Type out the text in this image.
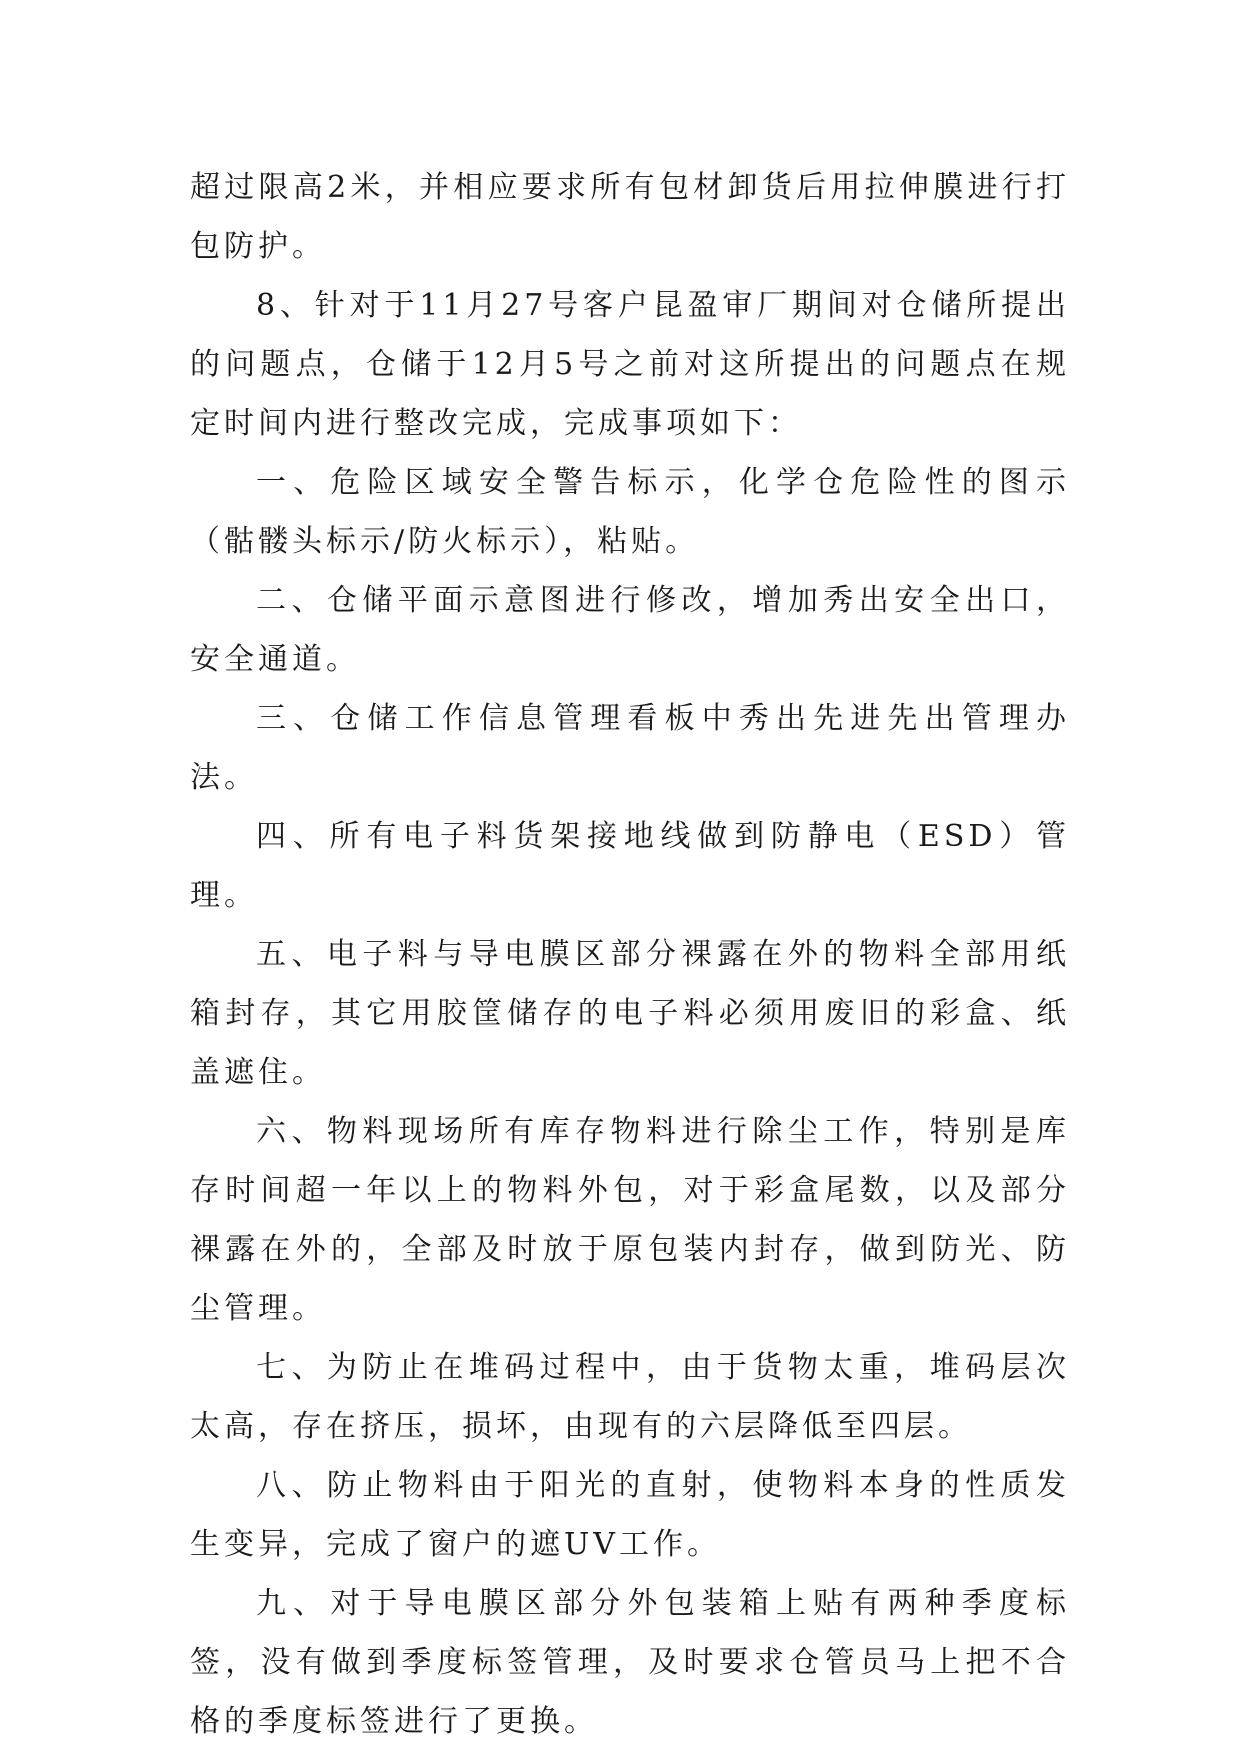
超过限高2米，并相应要求所有包材卸货后用拉伸膜进行打包防护。

8、针对于11月27号客户昆盈审厂期间对仓储所提出的问题点，仓储于12月5号之前对这所提出的问题点在规定时间内进行整改完成，完成事项如下：

一、危险区域安全警告标示，化学仓危险性的图示（骷髅头标示/防火标示），粘贴。

二、仓储平面示意图进行修改，增加秀出安全出口，安全通道。

三、仓储工作信息管理看板中秀出先进先出管理办法。

四、所有电子料货架接地线做到防静电（ESD）管理。

五、电子料与导电膜区部分裸露在外的物料全部用纸箱封存，其它用胶筐储存的电子料必须用废旧的彩盒、纸盖遮住。

六、物料现场所有库存物料进行除尘工作，特别是库存时间超一年以上的物料外包，对于彩盒尾数，以及部分裸露在外的，全部及时放于原包装内封存，做到防光、防尘管理。

七、为防止在堆码过程中，由于货物太重，堆码层次太高，存在挤压，损坏，由现有的六层降低至四层。

八、防止物料由于阳光的直射，使物料本身的性质发生变异，完成了窗户的遮UV工作。

九、对于导电膜区部分外包装箱上贴有两种季度标签，没有做到季度标签管理，及时要求仓管员马上把不合格的季度标签进行了更换。
